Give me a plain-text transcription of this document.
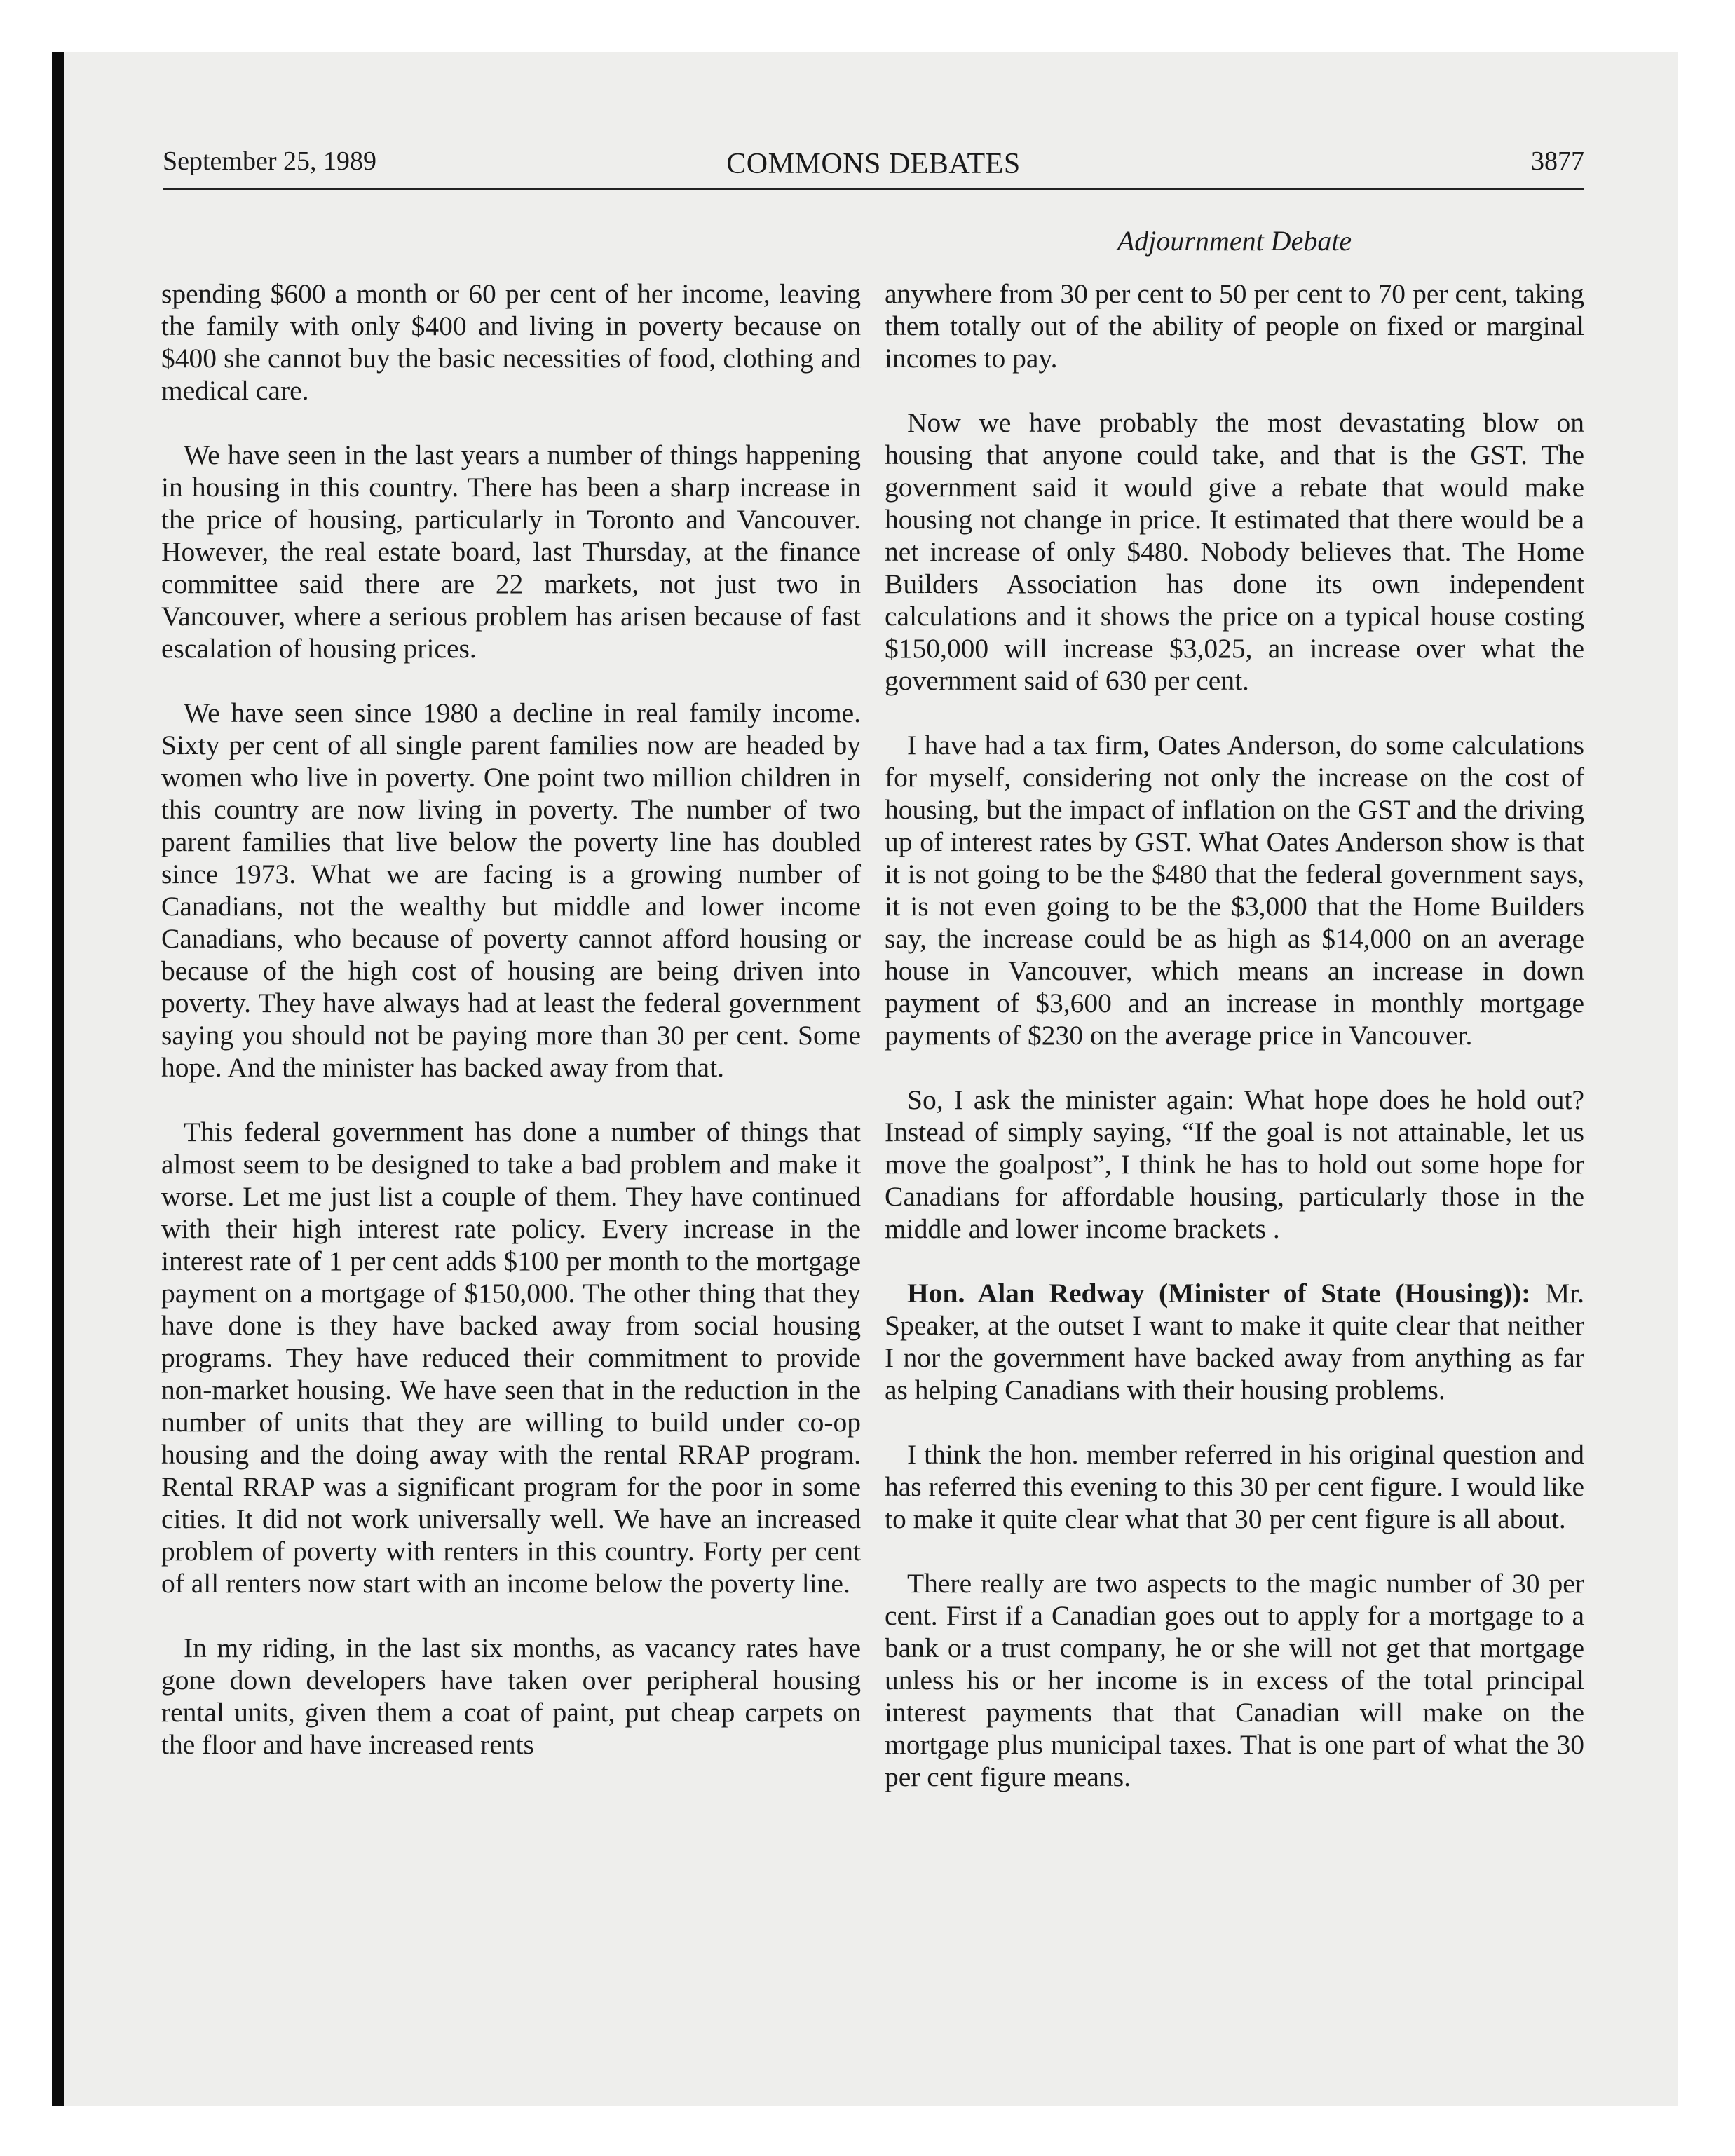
September 25, 1989	COMMONS DEBATES	3877
Adjournment Debate

spending $600 a month or 60 per cent of her income, leaving the family with only $400 and living in poverty because on $400 she cannot buy the basic necessities of food, clothing and medical care.

We have seen in the last years a number of things happening in housing in this country. There has been a sharp increase in the price of housing, particularly in Toronto and Vancouver. However, the real estate board, last Thursday, at the finance committee said there are 22 markets, not just two in Vancouver, where a serious problem has arisen because of fast escalation of housing prices.

We have seen since 1980 a decline in real family income. Sixty per cent of all single parent families now are headed by women who live in poverty. One point two million children in this country are now living in poverty. The number of two parent families that live below the poverty line has doubled since 1973. What we are facing is a growing number of Canadians, not the wealthy but middle and lower income Canadians, who because of poverty cannot afford housing or because of the high cost of housing are being driven into poverty. They have always had at least the federal government saying you should not be paying more than 30 per cent. Some hope. And the minister has backed away from that.

This federal government has done a number of things that almost seem to be designed to take a bad problem and make it worse. Let me just list a couple of them. They have continued with their high interest rate policy. Every increase in the interest rate of 1 per cent adds $100 per month to the mortgage payment on a mortgage of $150,000. The other thing that they have done is they have backed away from social housing programs. They have reduced their commitment to provide non-market housing. We have seen that in the reduction in the number of units that they are willing to build under co-op housing and the doing away with the rental RRAP program. Rental RRAP was a significant program for the poor in some cities. It did not work universally well. We have an increased problem of poverty with renters in this country. Forty per cent of all renters now start with an income below the poverty line.

In my riding, in the last six months, as vacancy rates have gone down developers have taken over peripheral housing rental units, given them a coat of paint, put cheap carpets on the floor and have increased rents

anywhere from 30 per cent to 50 per cent to 70 per cent, taking them totally out of the ability of people on fixed or marginal incomes to pay.

Now we have probably the most devastating blow on housing that anyone could take, and that is the GST. The government said it would give a rebate that would make housing not change in price. It estimated that there would be a net increase of only $480. Nobody believes that. The Home Builders Association has done its own independent calculations and it shows the price on a typical house costing $150,000 will increase $3,025, an increase over what the government said of 630 per cent.

I have had a tax firm, Oates Anderson, do some calculations for myself, considering not only the increase on the cost of housing, but the impact of inflation on the GST and the driving up of interest rates by GST. What Oates Anderson show is that it is not going to be the $480 that the federal government says, it is not even going to be the $3,000 that the Home Builders say, the increase could be as high as $14,000 on an average house in Vancouver, which means an increase in down payment of $3,600 and an increase in monthly mortgage payments of $230 on the average price in Vancouver.

So, I ask the minister again: What hope does he hold out? Instead of simply saying, “If the goal is not attainable, let us move the goalpost”, I think he has to hold out some hope for Canadians for affordable housing, particularly those in the middle and lower income brackets .

Hon. Alan Redway (Minister of State (Housing)): Mr. Speaker, at the outset I want to make it quite clear that neither I nor the government have backed away from anything as far as helping Canadians with their housing problems.

I think the hon. member referred in his original question and has referred this evening to this 30 per cent figure. I would like to make it quite clear what that 30 per cent figure is all about.

There really are two aspects to the magic number of 30 per cent. First if a Canadian goes out to apply for a mortgage to a bank or a trust company, he or she will not get that mortgage unless his or her income is in excess of the total principal interest payments that that Canadian will make on the mortgage plus municipal taxes. That is one part of what the 30 per cent figure means.
